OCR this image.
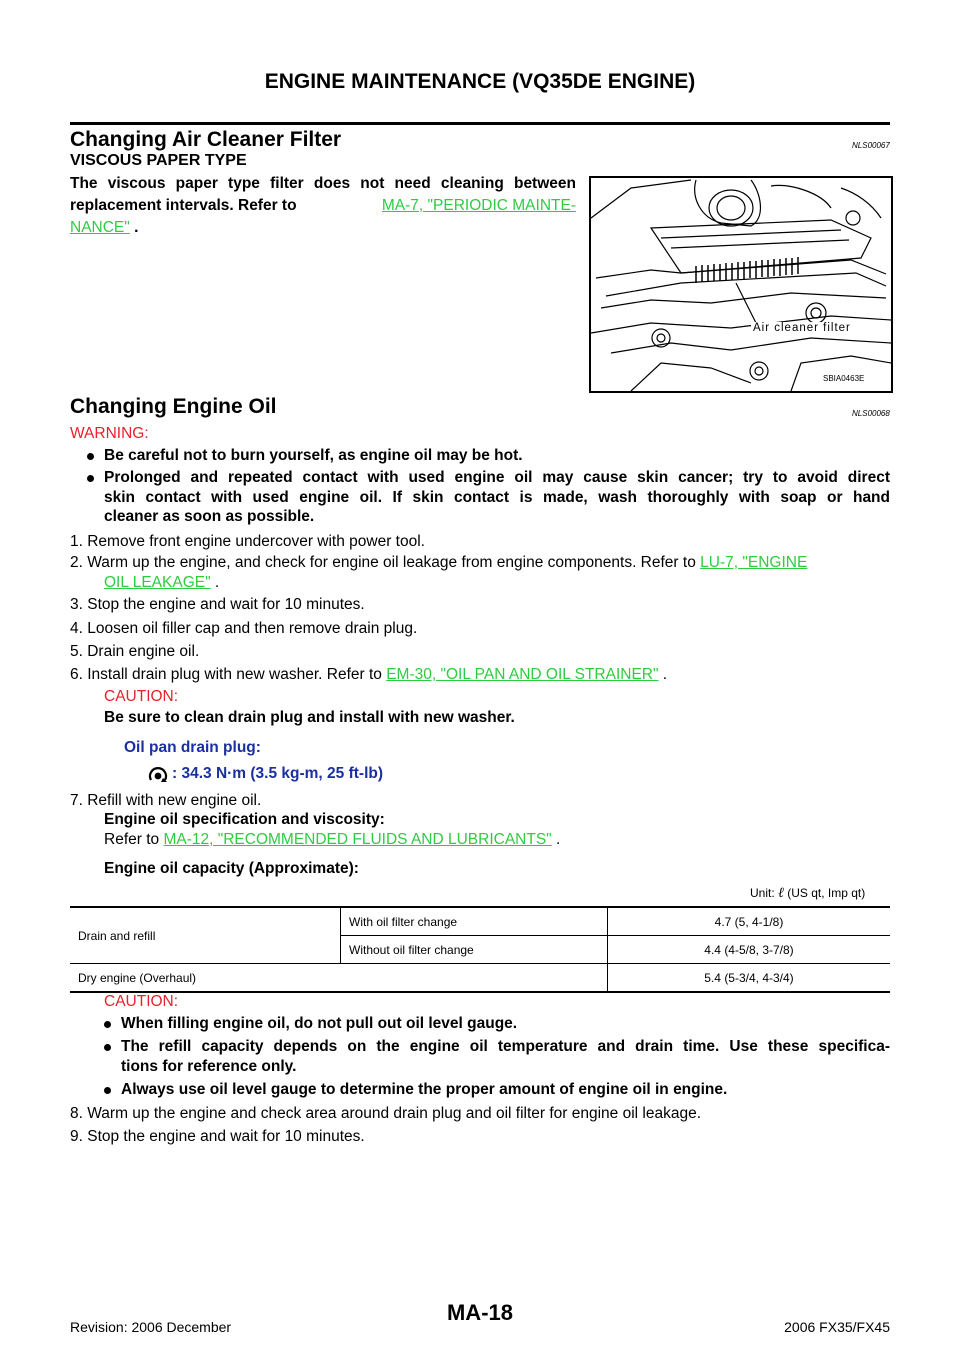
ENGINE MAINTENANCE (VQ35DE ENGINE)
Changing Air Cleaner Filter	NLS00067
VISCOUS PAPER TYPE
The viscous paper type filter does not need cleaning between
replacement intervals. Refer to	MA-7, "PERIODIC MAINTE-
NANCE" .
Air cleaner filter
SBIA0463E
Changing Engine Oil	NLS00068
WARNING:
Be careful not to burn yourself, as engine oil may be hot.
Prolonged and repeated contact with used engine oil may cause skin cancer; try to avoid direct
skin contact with used engine oil. If skin contact is made, wash thoroughly with soap or hand
cleaner as soon as possible.
1. Remove front engine undercover with power tool.
2. Warm up the engine, and check for engine oil leakage from engine components. Refer to LU-7, "ENGINE
OIL LEAKAGE" .
3. Stop the engine and wait for 10 minutes.
4. Loosen oil filler cap and then remove drain plug.
5. Drain engine oil.
6. Install drain plug with new washer. Refer to EM-30, "OIL PAN AND OIL STRAINER" .
CAUTION:
Be sure to clean drain plug and install with new washer.
Oil pan drain plug:
: 34.3 N·m (3.5 kg-m, 25 ft-lb)
7. Refill with new engine oil.
Engine oil specification and viscosity:
Refer to MA-12, "RECOMMENDED FLUIDS AND LUBRICANTS" .
Engine oil capacity (Approximate):
Unit: ℓ (US qt, Imp qt)
Drain and refill	With oil filter change	4.7 (5, 4-1/8)
	Without oil filter change	4.4 (4-5/8, 3-7/8)
Dry engine (Overhaul)		5.4 (5-3/4, 4-3/4)
CAUTION:
When filling engine oil, do not pull out oil level gauge.
The refill capacity depends on the engine oil temperature and drain time. Use these specifica-
tions for reference only.
Always use oil level gauge to determine the proper amount of engine oil in engine.
8. Warm up the engine and check area around drain plug and oil filter for engine oil leakage.
9. Stop the engine and wait for 10 minutes.
MA-18
Revision: 2006 December	2006 FX35/FX45
